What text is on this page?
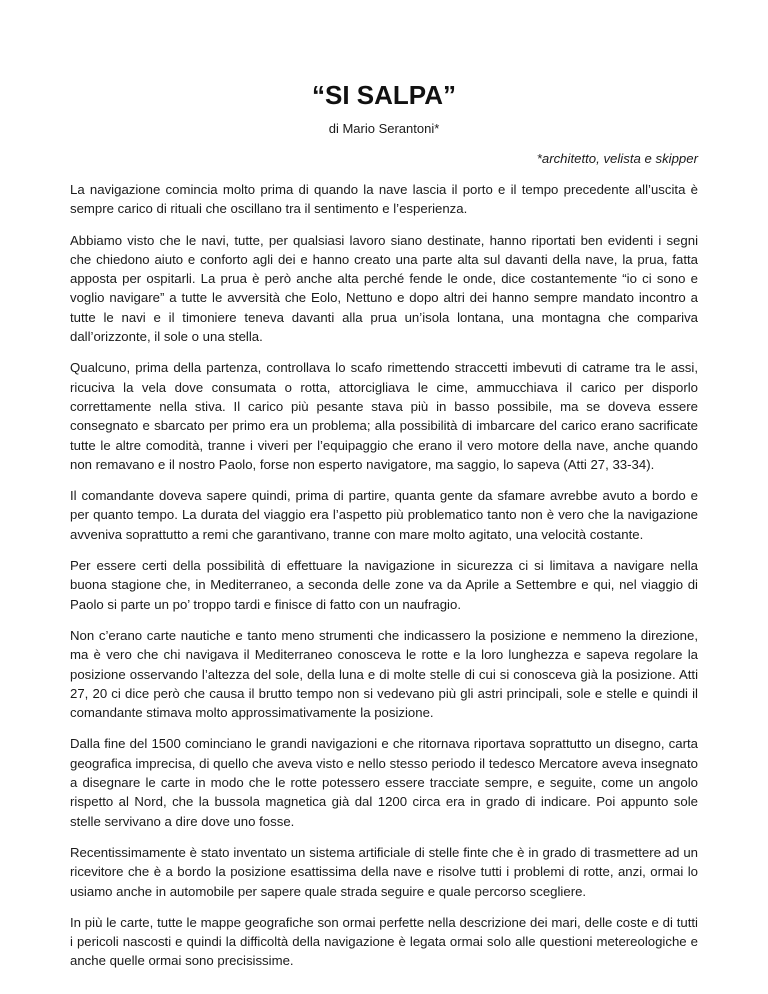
“SI SALPA”

di Mario Serantoni*

*architetto, velista e skipper

La navigazione comincia molto prima di quando la nave lascia il porto e il tempo precedente all’uscita è sempre carico di rituali che oscillano tra il sentimento e l’esperienza.

Abbiamo visto che le navi, tutte, per qualsiasi lavoro siano destinate, hanno riportati ben evidenti i segni che chiedono aiuto e conforto agli dei e hanno creato una parte alta sul davanti della nave, la prua, fatta apposta per ospitarli. La prua è però anche alta perché fende le onde, dice costantemente “io ci sono e voglio navigare” a tutte le avversità che Eolo, Nettuno e dopo altri dei hanno sempre mandato incontro a tutte le navi e il timoniere teneva davanti alla prua un’isola lontana, una montagna che compariva dall’orizzonte, il sole o una stella.

Qualcuno, prima della partenza, controllava lo scafo rimettendo straccetti imbevuti di catrame tra le assi, ricuciva la vela dove consumata o rotta, attorcigliava le cime, ammucchiava il carico per disporlo correttamente nella stiva. Il carico più pesante stava più in basso possibile, ma se doveva essere consegnato e sbarcato per primo era un problema; alla possibilità di imbarcare del carico erano sacrificate tutte le altre comodità, tranne i viveri per l’equipaggio che erano il vero motore della nave, anche quando non remavano e il nostro Paolo, forse non esperto navigatore, ma saggio, lo sapeva (Atti 27, 33-34).

Il comandante doveva sapere quindi, prima di partire, quanta gente da sfamare avrebbe avuto a bordo e per quanto tempo. La durata del viaggio era l’aspetto più problematico tanto non è vero che la navigazione avveniva soprattutto a remi che garantivano, tranne con mare molto agitato, una velocità costante.

Per essere certi della possibilità di effettuare la navigazione in sicurezza ci si limitava a navigare nella buona stagione che, in Mediterraneo, a seconda delle zone va da Aprile a Settembre e qui, nel viaggio di Paolo si parte un po’ troppo tardi e finisce di fatto con un naufragio.

Non c’erano carte nautiche e tanto meno strumenti che indicassero la posizione e nemmeno la direzione, ma è vero che chi navigava il Mediterraneo conosceva le rotte e la loro lunghezza e sapeva regolare la posizione osservando l’altezza del sole, della luna e di molte stelle di cui si conosceva già la posizione. Atti 27, 20 ci dice però che causa il brutto tempo non si vedevano più gli astri principali, sole e stelle e quindi il comandante stimava molto approssimativamente la posizione.

Dalla fine del 1500 cominciano le grandi navigazioni e che ritornava riportava soprattutto un disegno, carta geografica imprecisa, di quello che aveva visto e nello stesso periodo il tedesco Mercatore aveva insegnato a disegnare le carte in modo che le rotte potessero essere tracciate sempre, e seguite, come un angolo rispetto al Nord, che la bussola magnetica già dal 1200 circa era in grado di indicare. Poi appunto sole stelle servivano a dire dove uno fosse.

Recentissimamente è stato inventato un sistema artificiale di stelle finte che è in grado di trasmettere ad un ricevitore che è a bordo la posizione esattissima della nave e risolve tutti i problemi di rotte, anzi, ormai lo usiamo anche in automobile per sapere quale strada seguire e quale percorso scegliere.

In più le carte, tutte le mappe geografiche son ormai perfette nella descrizione dei mari, delle coste e di tutti i pericoli nascosti e quindi la difficoltà della navigazione è legata ormai solo alle questioni metereologiche e anche quelle ormai sono precisissime.
